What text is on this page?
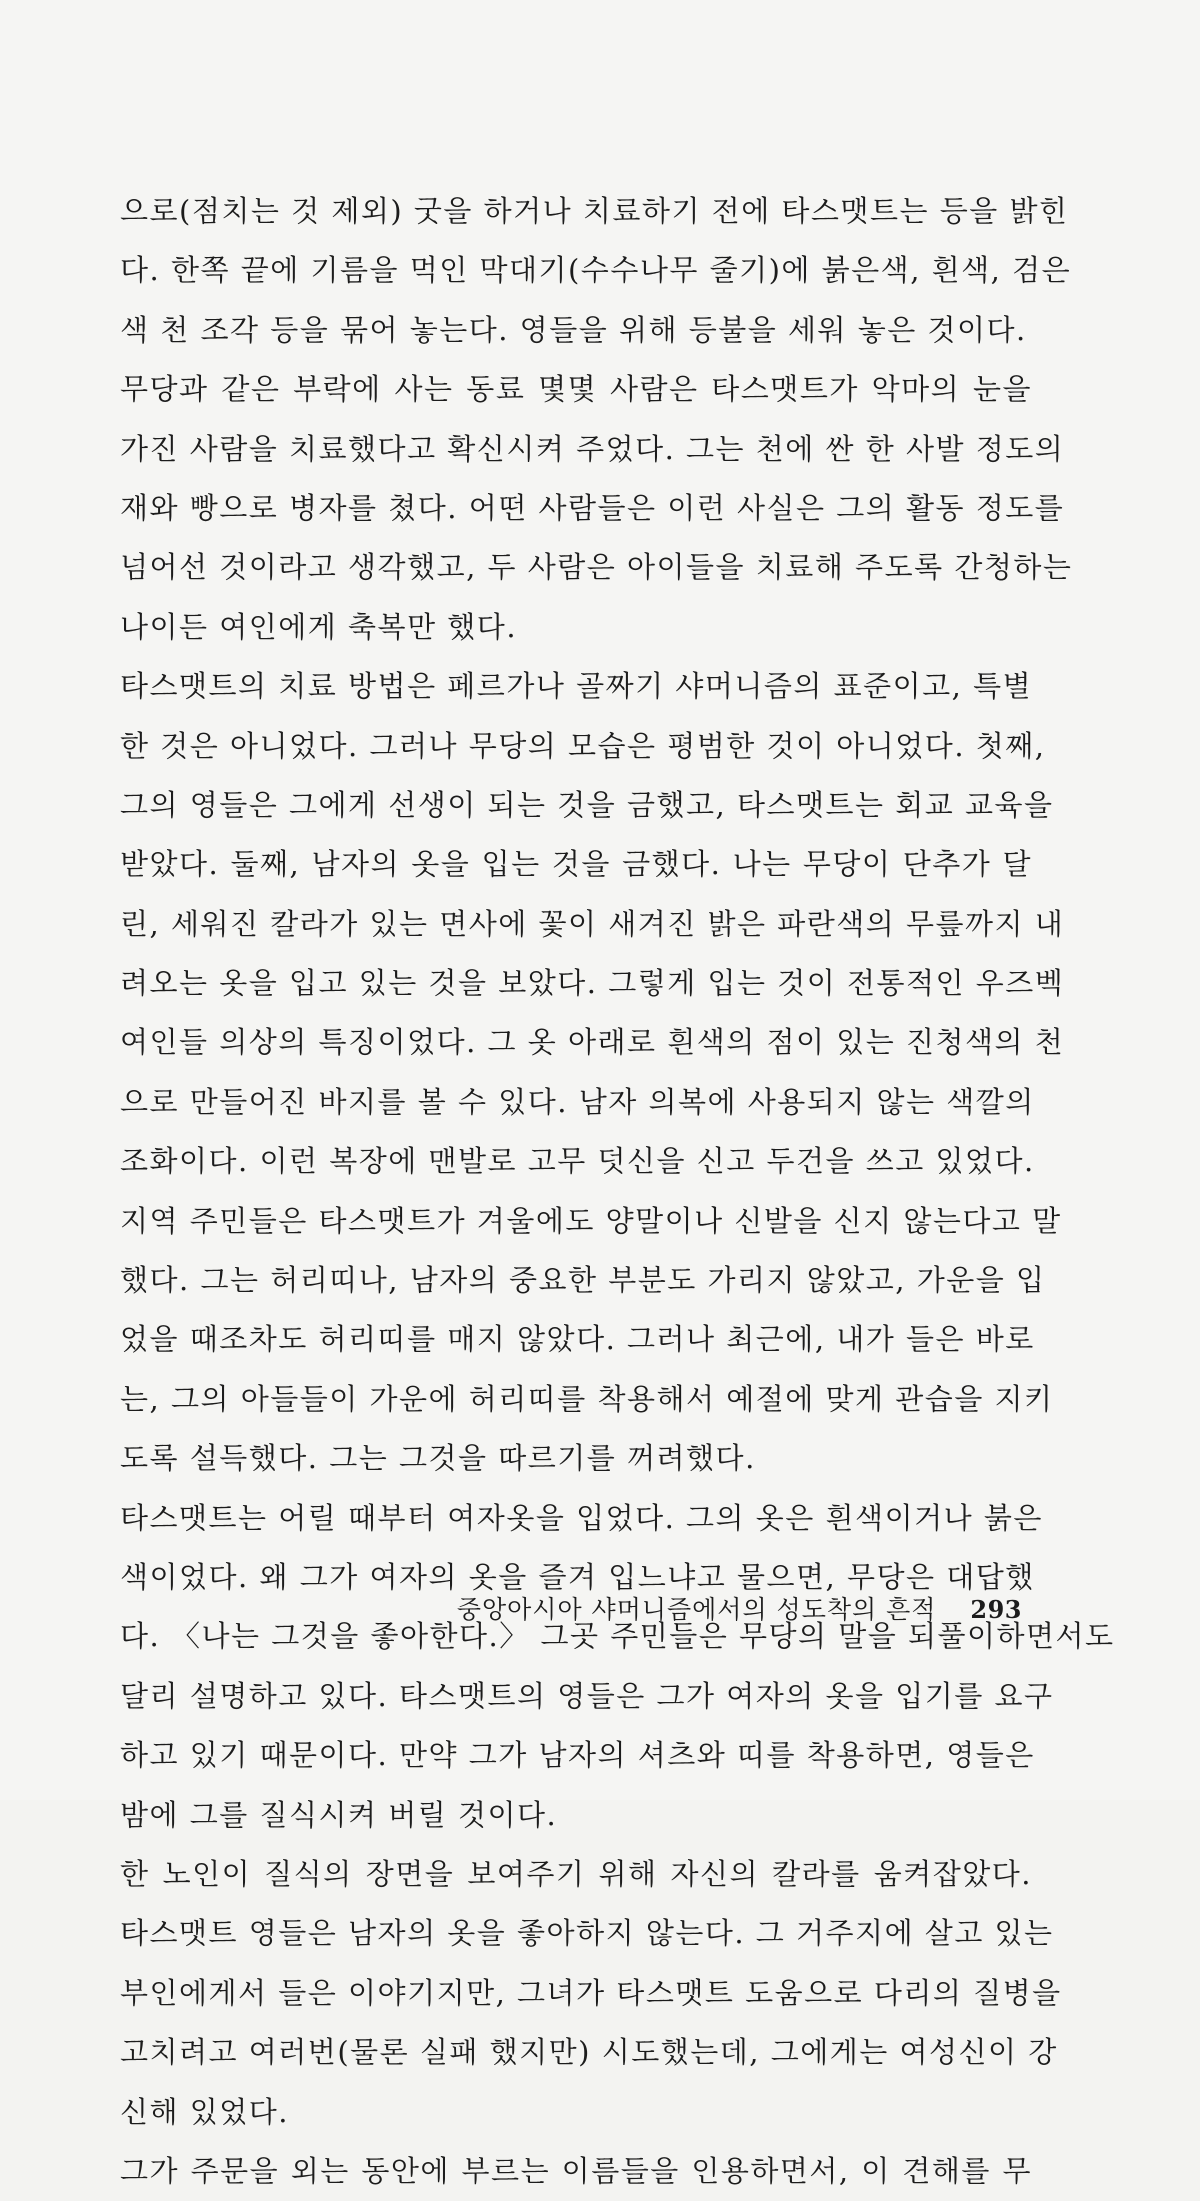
으로(점치는 것 제외) 굿을 하거나 치료하기 전에 타스맷트는 등을 밝힌
다. 한쪽 끝에 기름을 먹인 막대기(수수나무 줄기)에 붉은색, 흰색, 검은
색 천 조각 등을 묶어 놓는다. 영들을 위해 등불을 세워 놓은 것이다.
무당과 같은 부락에 사는 동료 몇몇 사람은 타스맷트가 악마의 눈을
가진 사람을 치료했다고 확신시켜 주었다. 그는 천에 싼 한 사발 정도의
재와 빵으로 병자를 쳤다. 어떤 사람들은 이런 사실은 그의 활동 정도를
넘어선 것이라고 생각했고, 두 사람은 아이들을 치료해 주도록 간청하는
나이든 여인에게 축복만 했다.
타스맷트의 치료 방법은 페르가나 골짜기 샤머니즘의 표준이고, 특별
한 것은 아니었다. 그러나 무당의 모습은 평범한 것이 아니었다. 첫째,
그의 영들은 그에게 선생이 되는 것을 금했고, 타스맷트는 회교 교육을
받았다. 둘째, 남자의 옷을 입는 것을 금했다. 나는 무당이 단추가 달
린, 세워진 칼라가 있는 면사에 꽃이 새겨진 밝은 파란색의 무릎까지 내
려오는 옷을 입고 있는 것을 보았다. 그렇게 입는 것이 전통적인 우즈벡
여인들 의상의 특징이었다. 그 옷 아래로 흰색의 점이 있는 진청색의 천
으로 만들어진 바지를 볼 수 있다. 남자 의복에 사용되지 않는 색깔의
조화이다. 이런 복장에 맨발로 고무 덧신을 신고 두건을 쓰고 있었다.
지역 주민들은 타스맷트가 겨울에도 양말이나 신발을 신지 않는다고 말
했다. 그는 허리띠나, 남자의 중요한 부분도 가리지 않았고, 가운을 입
었을 때조차도 허리띠를 매지 않았다. 그러나 최근에, 내가 들은 바로
는, 그의 아들들이 가운에 허리띠를 착용해서 예절에 맞게 관습을 지키
도록 설득했다. 그는 그것을 따르기를 꺼려했다.
타스맷트는 어릴 때부터 여자옷을 입었다. 그의 옷은 흰색이거나 붉은
색이었다. 왜 그가 여자의 옷을 즐겨 입느냐고 물으면, 무당은 대답했
다. 〈나는 그것을 좋아한다.〉 그곳 주민들은 무당의 말을 되풀이하면서도
달리 설명하고 있다. 타스맷트의 영들은 그가 여자의 옷을 입기를 요구
하고 있기 때문이다. 만약 그가 남자의 셔츠와 띠를 착용하면, 영들은
밤에 그를 질식시켜 버릴 것이다.
한 노인이 질식의 장면을 보여주기 위해 자신의 칼라를 움켜잡았다.
타스맷트 영들은 남자의 옷을 좋아하지 않는다. 그 거주지에 살고 있는
부인에게서 들은 이야기지만, 그녀가 타스맷트 도움으로 다리의 질병을
고치려고 여러번(물론 실패 했지만) 시도했는데, 그에게는 여성신이 강
신해 있었다.
그가 주문을 외는 동안에 부르는 이름들을 인용하면서, 이 견해를 무
중앙아시아 샤머니즘에서의 성도착의 흔적 293
